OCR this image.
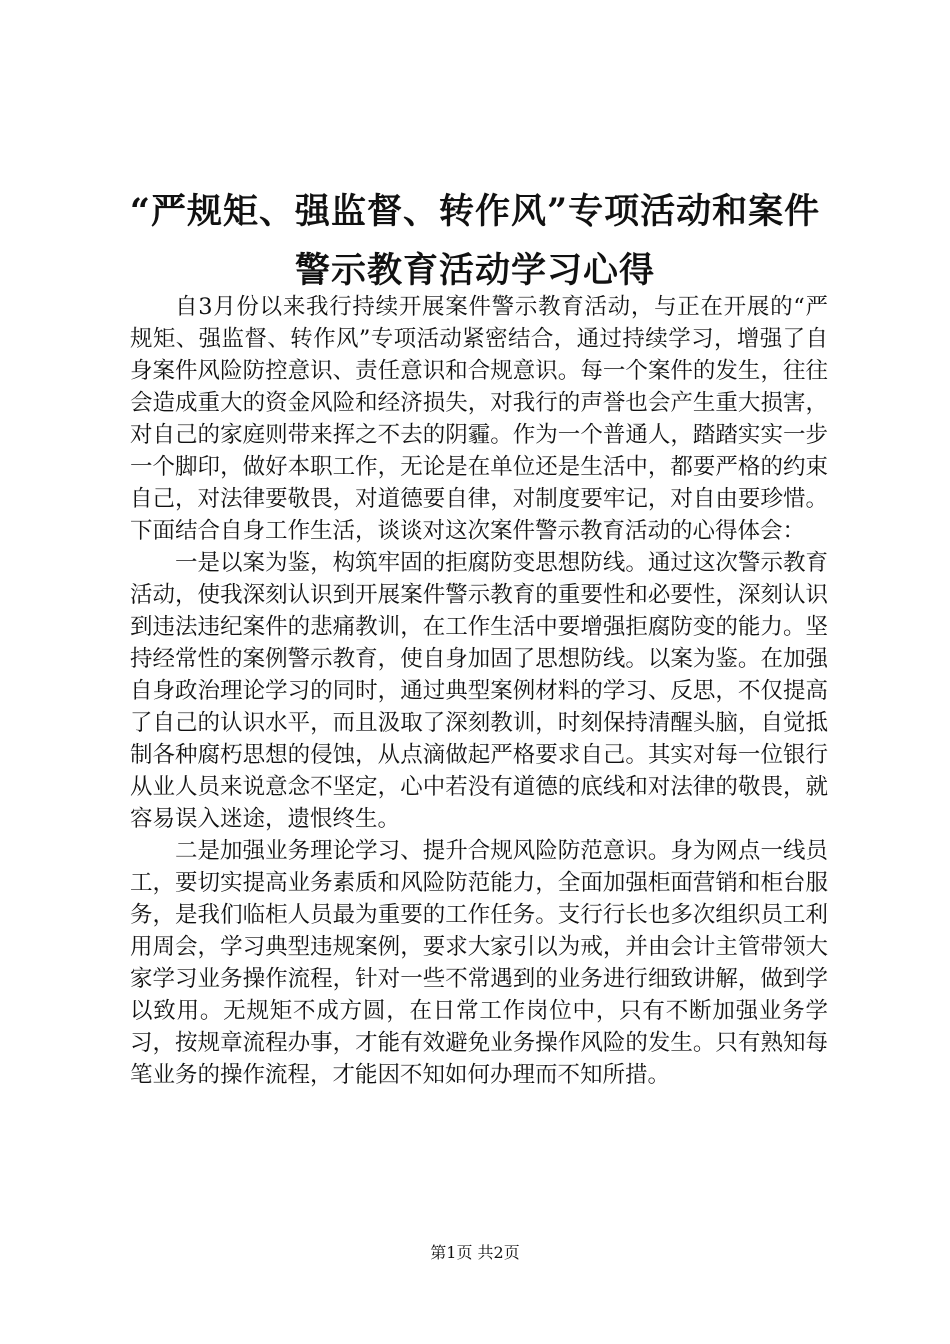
“严规矩、强监督、转作风”专项活动和案件
警示教育活动学习心得

自3月份以来我行持续开展案件警示教育活动，与正在开展的“严规矩、强监督、转作风”专项活动紧密结合，通过持续学习，增强了自身案件风险防控意识、责任意识和合规意识。每一个案件的发生，往往会造成重大的资金风险和经济损失，对我行的声誉也会产生重大损害，对自己的家庭则带来挥之不去的阴霾。作为一个普通人，踏踏实实一步一个脚印，做好本职工作，无论是在单位还是生活中，都要严格的约束自己，对法律要敬畏，对道德要自律，对制度要牢记，对自由要珍惜。下面结合自身工作生活，谈谈对这次案件警示教育活动的心得体会：

一是以案为鉴，构筑牢固的拒腐防变思想防线。通过这次警示教育活动，使我深刻认识到开展案件警示教育的重要性和必要性，深刻认识到违法违纪案件的悲痛教训，在工作生活中要增强拒腐防变的能力。坚持经常性的案例警示教育，使自身加固了思想防线。以案为鉴。在加强自身政治理论学习的同时，通过典型案例材料的学习、反思，不仅提高了自己的认识水平，而且汲取了深刻教训，时刻保持清醒头脑，自觉抵制各种腐朽思想的侵蚀，从点滴做起严格要求自己。其实对每一位银行从业人员来说意念不坚定，心中若没有道德的底线和对法律的敬畏，就容易误入迷途，遗恨终生。

二是加强业务理论学习、提升合规风险防范意识。身为网点一线员工，要切实提高业务素质和风险防范能力，全面加强柜面营销和柜台服务，是我们临柜人员最为重要的工作任务。支行行长也多次组织员工利用周会，学习典型违规案例，要求大家引以为戒，并由会计主管带领大家学习业务操作流程，针对一些不常遇到的业务进行细致讲解，做到学以致用。无规矩不成方圆，在日常工作岗位中，只有不断加强业务学习，按规章流程办事，才能有效避免业务操作风险的发生。只有熟知每笔业务的操作流程，才能因不知如何办理而不知所措。

第1页 共2页
